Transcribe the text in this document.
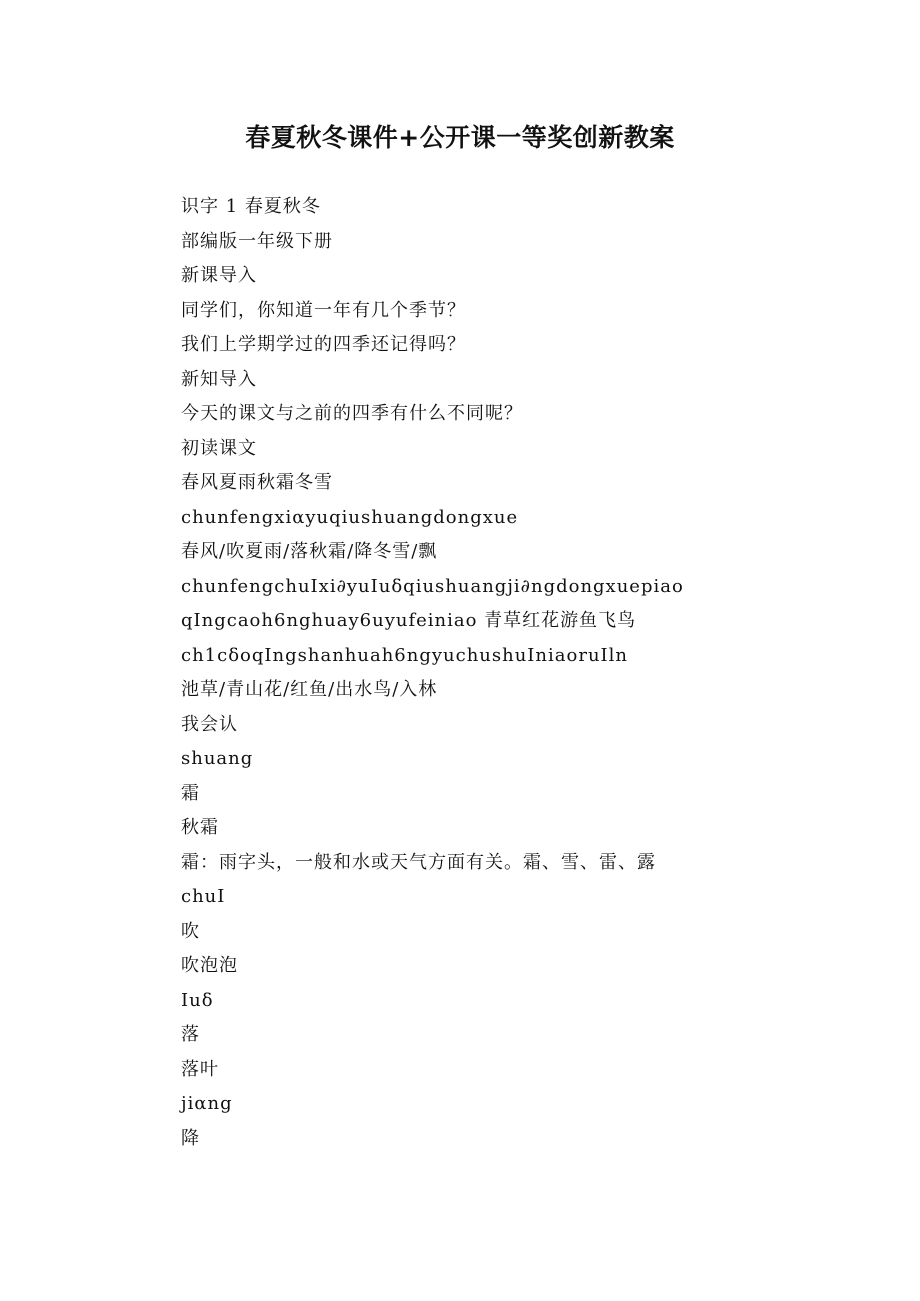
春夏秋冬课件+公开课一等奖创新教案
识字 1 春夏秋冬
部编版一年级下册
新课导入
同学们，你知道一年有几个季节？
我们上学期学过的四季还记得吗？
新知导入
今天的课文与之前的四季有什么不同呢？
初读课文
春风夏雨秋霜冬雪
chunfengxiαyuqiushuangdongxue
春风/吹夏雨/落秋霜/降冬雪/飘
chunfengchuIxi∂yuIuδqiushuangji∂ngdongxuepiao
qIngcaoh6nghuay6uyufeiniao 青草红花游鱼飞鸟
ch1cδoqIngshanhuah6ngyuchushuIniaoruIln
池草/青山花/红鱼/出水鸟/入林
我会认
shuang
霜
秋霜
霜：雨字头，一般和水或天气方面有关。霜、雪、雷、露
chuI
吹
吹泡泡
Iuδ
落
落叶
jiαng
降
